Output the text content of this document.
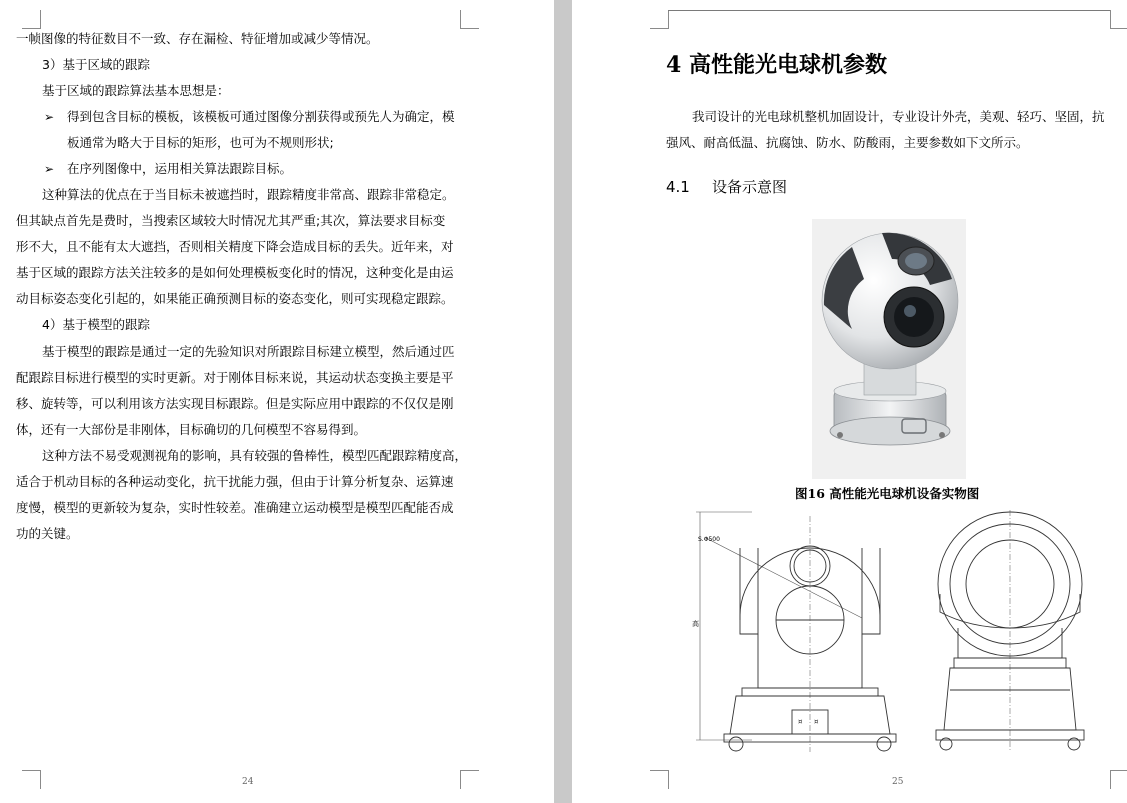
一帧图像的特征数目不一致、存在漏检、特征增加或减少等情况。
3）基于区域的跟踪
基于区域的跟踪算法基本思想是：
➢ 得到包含目标的模板，该模板可通过图像分割获得或预先人为确定，模
板通常为略大于目标的矩形，也可为不规则形状;
➢ 在序列图像中，运用相关算法跟踪目标。
这种算法的优点在于当目标未被遮挡时，跟踪精度非常高、跟踪非常稳定。
但其缺点首先是费时，当搜索区域较大时情况尤其严重;其次，算法要求目标变
形不大，且不能有太大遮挡，否则相关精度下降会造成目标的丢失。近年来，对
基于区域的跟踪方法关注较多的是如何处理模板变化时的情况，这种变化是由运
动目标姿态变化引起的，如果能正确预测目标的姿态变化，则可实现稳定跟踪。
4）基于模型的跟踪
基于模型的跟踪是通过一定的先验知识对所跟踪目标建立模型，然后通过匹
配跟踪目标进行模型的实时更新。对于刚体目标来说，其运动状态变换主要是平
移、旋转等，可以利用该方法实现目标跟踪。但是实际应用中跟踪的不仅仅是刚
体，还有一大部份是非刚体，目标确切的几何模型不容易得到。
这种方法不易受观测视角的影响，具有较强的鲁棒性，模型匹配跟踪精度高，
适合于机动目标的各种运动变化，抗干扰能力强，但由于计算分析复杂、运算速
度慢，模型的更新较为复杂，实时性较差。准确建立运动模型是模型匹配能否成
功的关键。
24
4 高性能光电球机参数
我司设计的光电球机整机加固设计，专业设计外壳，美观、轻巧、坚固，抗
强风、耐高低温、抗腐蚀、防水、防酸雨，主要参数如下文所示。
4.1 设备示意图
图16 高性能光电球机设备实物图
¤ ¤
S.Φ500
高
25
